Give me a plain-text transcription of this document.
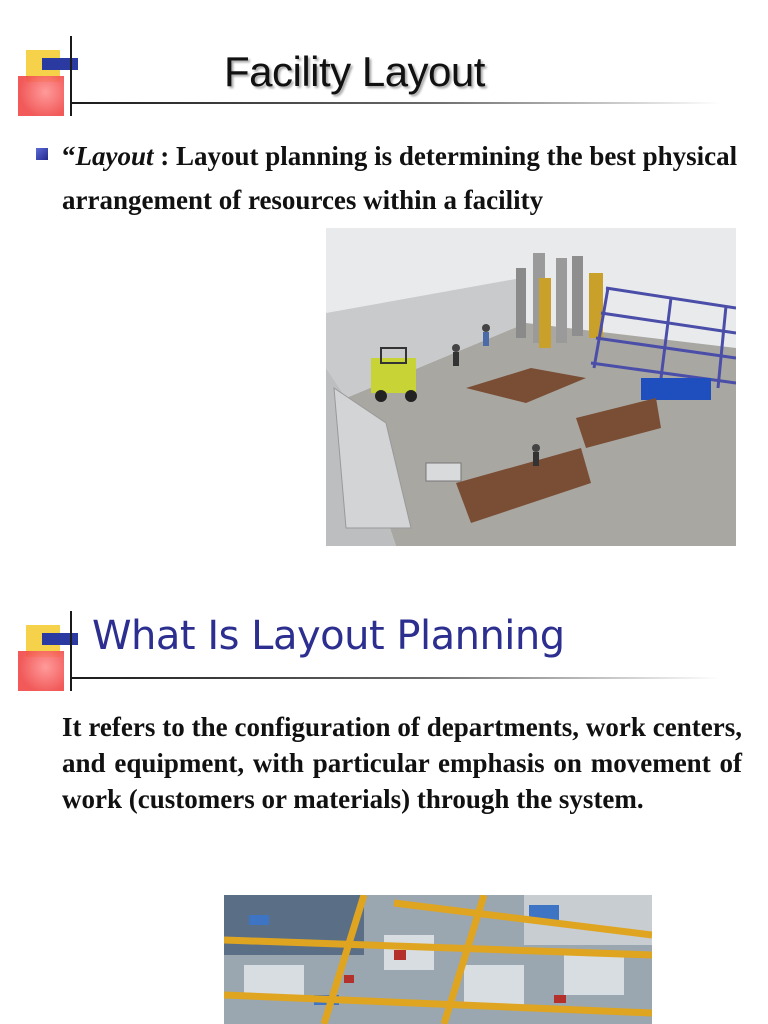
Facility Layout
“Layout : Layout planning is determining the best physical arrangement of resources within a facility
What Is Layout Planning
It refers to the configuration of departments, work centers, and equipment, with particular emphasis on movement of work (customers or materials) through the system.
